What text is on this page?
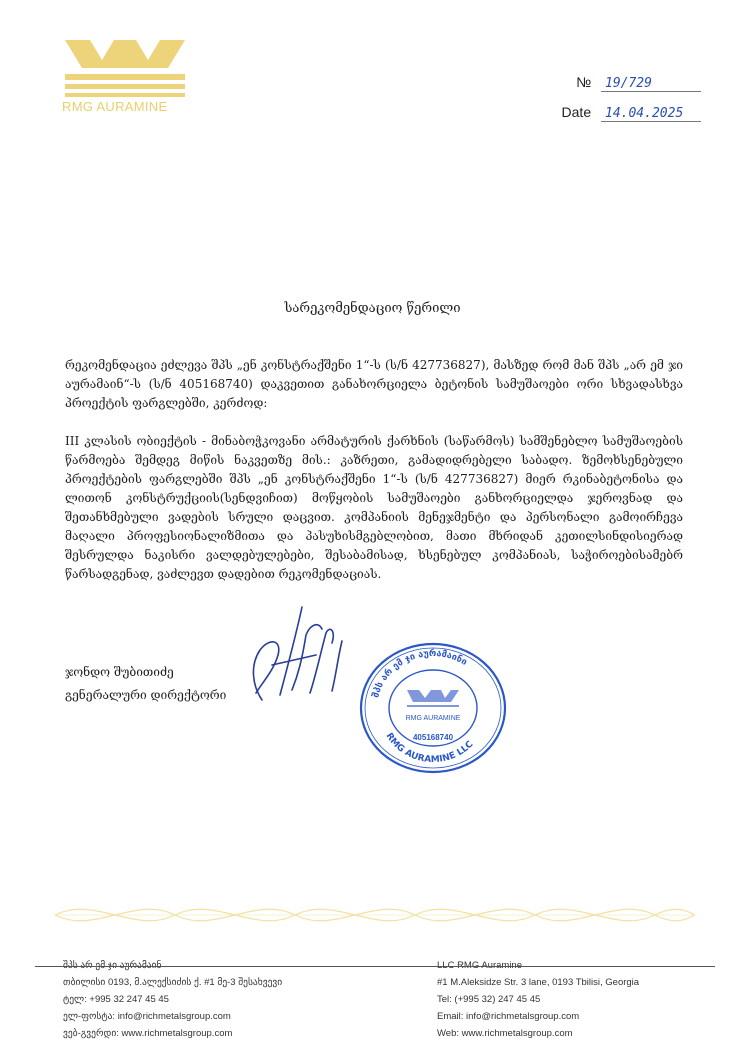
RMG AURAMINE
№ 19/729
Date 14.04.2025
სარეკომენდაციო წერილი
რეკომენდაცია ეძლევა შპს „ენ კონსტრაქშენი 1“-ს (ს/ნ 427736827), მასზედ რომ მან შპს „არ ემ ჯი აურამაინ“-ს (ს/ნ 405168740) დაკვეთით განახორციელა ბეტონის სამუშაოები ორი სხვადასხვა პროექტის ფარგლებში, კერძოდ:
III კლასის ობიექტის - მინაბოჭკოვანი არმატურის ქარხნის (საწარმოს) სამშენებლო სამუშაოების წარმოება შემდეგ მიწის ნაკვეთზე მის.: კაზრეთი, გამადიდრებელი საბადო. ზემოხსენებული პროექტების ფარგლებში შპს „ენ კონსტრაქშენი 1“-ს (ს/ნ 427736827) მიერ რკინაბეტონისა და ლითონ კონსტრუქციის(სენდვიჩით) მოწყობის სამუშაოები განხორციელდა ჯეროვნად და შეთანხმებული ვადების სრული დაცვით. კომპანიის მენეჯმენტი და პერსონალი გამოირჩევა მაღალი პროფესიონალიზმითა და პასუხისმგებლობით, მათი მხრიდან კეთილსინდისიერად შესრულდა ნაკისრი ვალდებულებები, შესაბამისად, ხსენებულ კომპანიას, საჭიროებისამებრ წარსადგენად, ვაძლევთ დადებით რეკომენდაციას.
ჯონდო შუბითიძე
გენერალური დირექტორი	შპს არ ემ ჯი აურამაინი
RMG AURAMINE LLC
RMG AURAMINE
405168740
თბილისი 0193, მ.ალექსიძის ქ. #1 მე-3 შესახვევი
ტელ: +995 32 247 45 45
ელ-ფოსტა: info@richmetalsgroup.com
ვებ-გვერდი: www.richmetalsgroup.com
#1 M.Aleksidze Str. 3 lane, 0193 Tbilisi, Georgia
Tel: (+995 32) 247 45 45
Email: info@richmetalsgroup.com
Web: www.richmetalsgroup.com
